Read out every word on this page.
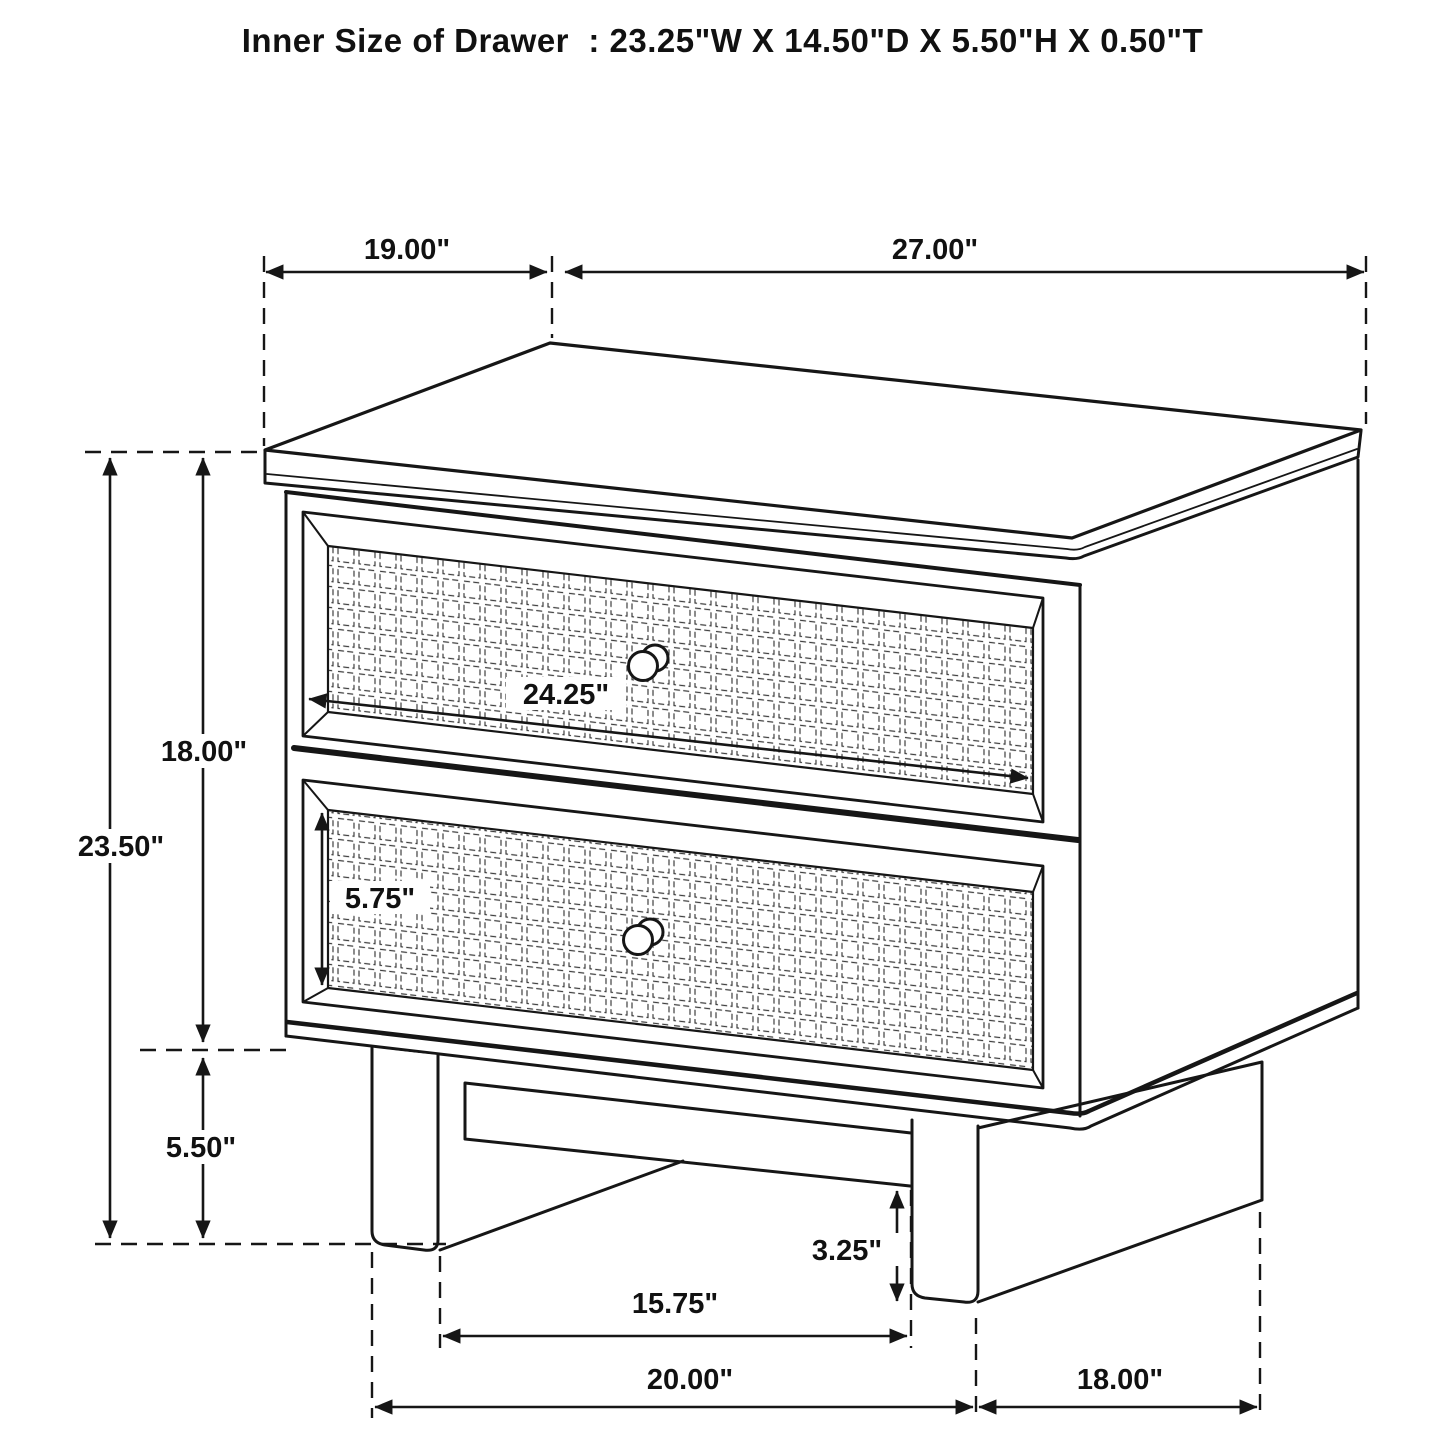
Inner Size of Drawer  : 23.25"W X 14.50"D X 5.50"H X 0.50"T
19.00"	27.00"
18.00"
23.50"
5.50"
24.25"
5.75"
3.25"
15.75"
20.00"	18.00"
